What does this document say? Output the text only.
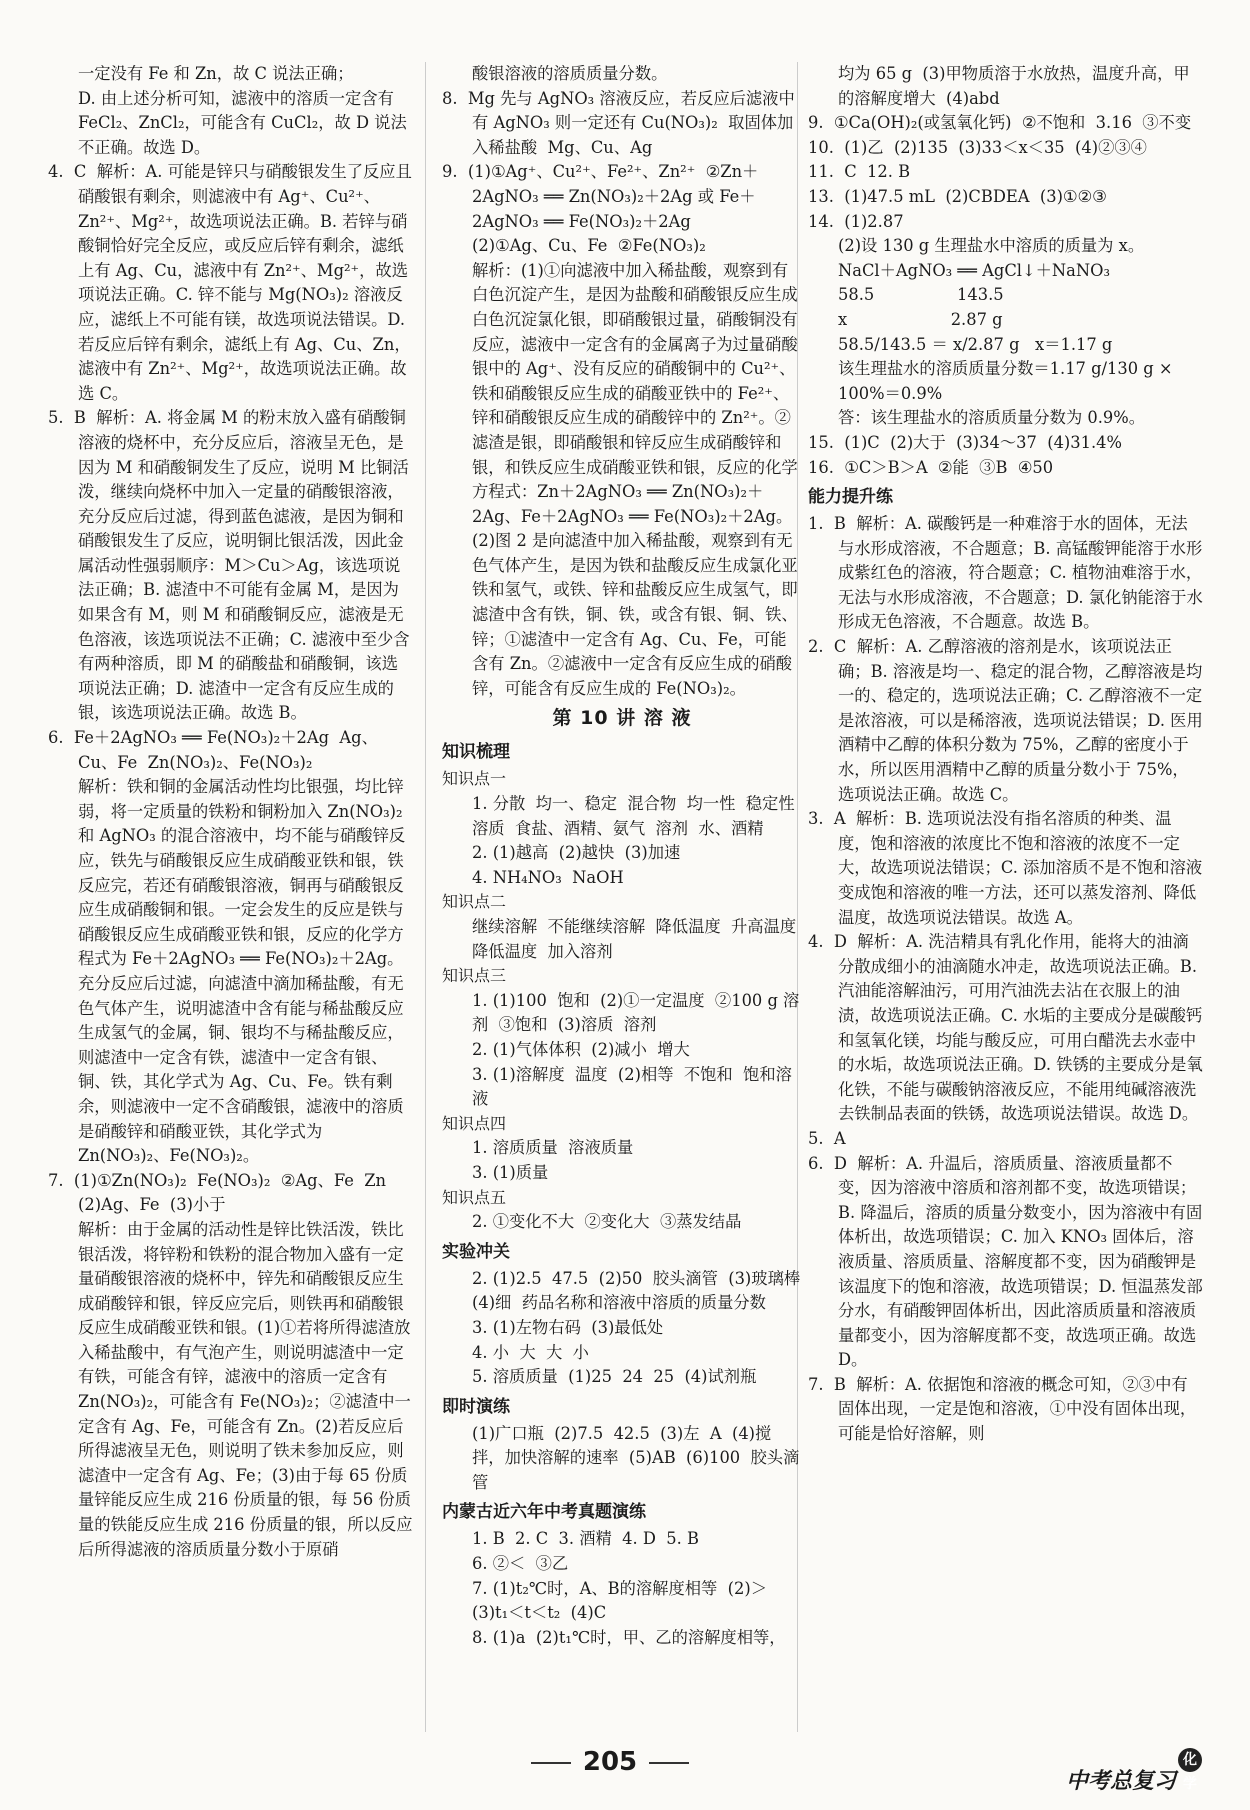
一定没有 Fe 和 Zn，故 C 说法正确；
D. 由上述分析可知，滤液中的溶质一定含有 FeCl₂、ZnCl₂，可能含有 CuCl₂，故 D 说法不正确。故选 D。
4.  C  解析：A. 可能是锌只与硝酸银发生了反应且硝酸银有剩余，则滤液中有 Ag⁺、Cu²⁺、Zn²⁺、Mg²⁺，故选项说法正确。B. 若锌与硝酸铜恰好完全反应，或反应后锌有剩余，滤纸上有 Ag、Cu，滤液中有 Zn²⁺、Mg²⁺，故选项说法正确。C. 锌不能与 Mg(NO₃)₂ 溶液反应，滤纸上不可能有镁，故选项说法错误。D. 若反应后锌有剩余，滤纸上有 Ag、Cu、Zn，滤液中有 Zn²⁺、Mg²⁺，故选项说法正确。故选 C。
5.  B  解析：A. 将金属 M 的粉末放入盛有硝酸铜溶液的烧杯中，充分反应后，溶液呈无色，是因为 M 和硝酸铜发生了反应，说明 M 比铜活泼，继续向烧杯中加入一定量的硝酸银溶液，充分反应后过滤，得到蓝色滤液，是因为铜和硝酸银发生了反应，说明铜比银活泼，因此金属活动性强弱顺序：M＞Cu＞Ag，该选项说法正确；B. 滤渣中不可能有金属 M，是因为如果含有 M，则 M 和硝酸铜反应，滤液是无色溶液，该选项说法不正确；C. 滤液中至少含有两种溶质，即 M 的硝酸盐和硝酸铜，该选项说法正确；D. 滤渣中一定含有反应生成的银，该选项说法正确。故选 B。
6.  Fe＋2AgNO₃ ══ Fe(NO₃)₂＋2Ag  Ag、Cu、Fe  Zn(NO₃)₂、Fe(NO₃)₂
解析：铁和铜的金属活动性均比银强，均比锌弱，将一定质量的铁粉和铜粉加入 Zn(NO₃)₂ 和 AgNO₃ 的混合溶液中，均不能与硝酸锌反应，铁先与硝酸银反应生成硝酸亚铁和银，铁反应完，若还有硝酸银溶液，铜再与硝酸银反应生成硝酸铜和银。一定会发生的反应是铁与硝酸银反应生成硝酸亚铁和银，反应的化学方程式为 Fe＋2AgNO₃ ══ Fe(NO₃)₂＋2Ag。充分反应后过滤，向滤渣中滴加稀盐酸，有无色气体产生，说明滤渣中含有能与稀盐酸反应生成氢气的金属，铜、银均不与稀盐酸反应，则滤渣中一定含有铁，滤渣中一定含有银、铜、铁，其化学式为 Ag、Cu、Fe。铁有剩余，则滤液中一定不含硝酸银，滤液中的溶质是硝酸锌和硝酸亚铁，其化学式为 Zn(NO₃)₂、Fe(NO₃)₂。
7.  (1)①Zn(NO₃)₂  Fe(NO₃)₂  ②Ag、Fe  Zn  (2)Ag、Fe  (3)小于
解析：由于金属的活动性是锌比铁活泼，铁比银活泼，将锌粉和铁粉的混合物加入盛有一定量硝酸银溶液的烧杯中，锌先和硝酸银反应生成硝酸锌和银，锌反应完后，则铁再和硝酸银反应生成硝酸亚铁和银。(1)①若将所得滤渣放入稀盐酸中，有气泡产生，则说明滤渣中一定有铁，可能含有锌，滤液中的溶质一定含有 Zn(NO₃)₂，可能含有 Fe(NO₃)₂；②滤渣中一定含有 Ag、Fe，可能含有 Zn。(2)若反应后所得滤液呈无色，则说明了铁未参加反应，则滤渣中一定含有 Ag、Fe；(3)由于每 65 份质量锌能反应生成 216 份质量的银，每 56 份质量的铁能反应生成 216 份质量的银，所以反应后所得滤液的溶质质量分数小于原硝
酸银溶液的溶质质量分数。
8.  Mg 先与 AgNO₃ 溶液反应，若反应后滤液中有 AgNO₃ 则一定还有 Cu(NO₃)₂  取固体加入稀盐酸  Mg、Cu、Ag
9.  (1)①Ag⁺、Cu²⁺、Fe²⁺、Zn²⁺  ②Zn＋2AgNO₃ ══ Zn(NO₃)₂＋2Ag 或 Fe＋2AgNO₃ ══ Fe(NO₃)₂＋2Ag
(2)①Ag、Cu、Fe  ②Fe(NO₃)₂
解析：(1)①向滤液中加入稀盐酸，观察到有白色沉淀产生，是因为盐酸和硝酸银反应生成白色沉淀氯化银，即硝酸银过量，硝酸铜没有反应，滤液中一定含有的金属离子为过量硝酸银中的 Ag⁺、没有反应的硝酸铜中的 Cu²⁺、铁和硝酸银反应生成的硝酸亚铁中的 Fe²⁺、锌和硝酸银反应生成的硝酸锌中的 Zn²⁺。②滤渣是银，即硝酸银和锌反应生成硝酸锌和银，和铁反应生成硝酸亚铁和银，反应的化学方程式：Zn＋2AgNO₃ ══ Zn(NO₃)₂＋2Ag、Fe＋2AgNO₃ ══ Fe(NO₃)₂＋2Ag。
(2)图 2 是向滤渣中加入稀盐酸，观察到有无色气体产生，是因为铁和盐酸反应生成氯化亚铁和氢气，或铁、锌和盐酸反应生成氢气，即滤渣中含有铁，铜、铁，或含有银、铜、铁、锌；①滤渣中一定含有 Ag、Cu、Fe，可能含有 Zn。②滤液中一定含有反应生成的硝酸锌，可能含有反应生成的 Fe(NO₃)₂。
第 10 讲 溶 液
知识梳理
知识点一
1. 分散  均一、稳定  混合物  均一性  稳定性  溶质  食盐、酒精、氨气  溶剂  水、酒精
2. (1)越高  (2)越快  (3)加速
4. NH₄NO₃  NaOH
知识点二
继续溶解  不能继续溶解  降低温度  升高温度  降低温度  加入溶剂
知识点三
1. (1)100  饱和  (2)①一定温度  ②100 g 溶剂  ③饱和  (3)溶质  溶剂
2. (1)气体体积  (2)减小  增大
3. (1)溶解度  温度  (2)相等  不饱和  饱和溶液
知识点四
1. 溶质质量  溶液质量
3. (1)质量
知识点五
2. ①变化不大  ②变化大  ③蒸发结晶
实验冲关
2. (1)2.5  47.5  (2)50  胶头滴管  (3)玻璃棒  (4)细  药品名称和溶液中溶质的质量分数
3. (1)左物右码  (3)最低处
4. 小  大  大  小
5. 溶质质量  (1)25  24  25  (4)试剂瓶
即时演练
(1)广口瓶  (2)7.5  42.5  (3)左  A  (4)搅拌，加快溶解的速率  (5)AB  (6)100  胶头滴管
内蒙古近六年中考真题演练
1. B  2. C  3. 酒精  4. D  5. B
6. ②＜  ③乙
7. (1)t₂℃时，A、B的溶解度相等  (2)＞  (3)t₁＜t＜t₂  (4)C
8. (1)a  (2)t₁℃时，甲、乙的溶解度相等，
均为 65 g  (3)甲物质溶于水放热，温度升高，甲的溶解度增大  (4)abd
9.  ①Ca(OH)₂(或氢氧化钙)  ②不饱和  3.16  ③不变
10.  (1)乙  (2)135  (3)33＜x＜35  (4)②③④
11.  C  12. B
13.  (1)47.5 mL  (2)CBDEA  (3)①②③
14.  (1)2.87
(2)设 130 g 生理盐水中溶质的质量为 x。
NaCl＋AgNO₃ ══ AgCl↓＋NaNO₃
58.5                143.5
x                    2.87 g
58.5/143.5 ＝ x/2.87 g   x＝1.17 g
该生理盐水的溶质质量分数＝1.17 g/130 g × 100%＝0.9%
答：该生理盐水的溶质质量分数为 0.9%。
15.  (1)C  (2)大于  (3)34～37  (4)31.4%
16.  ①C＞B＞A  ②能  ③B  ④50
能力提升练
1.  B  解析：A. 碳酸钙是一种难溶于水的固体，无法与水形成溶液，不合题意；B. 高锰酸钾能溶于水形成紫红色的溶液，符合题意；C. 植物油难溶于水，无法与水形成溶液，不合题意；D. 氯化钠能溶于水形成无色溶液，不合题意。故选 B。
2.  C  解析：A. 乙醇溶液的溶剂是水，该项说法正确；B. 溶液是均一、稳定的混合物，乙醇溶液是均一的、稳定的，选项说法正确；C. 乙醇溶液不一定是浓溶液，可以是稀溶液，选项说法错误；D. 医用酒精中乙醇的体积分数为 75%，乙醇的密度小于水，所以医用酒精中乙醇的质量分数小于 75%，选项说法正确。故选 C。
3.  A  解析：B. 选项说法没有指名溶质的种类、温度，饱和溶液的浓度比不饱和溶液的浓度不一定大，故选项说法错误；C. 添加溶质不是不饱和溶液变成饱和溶液的唯一方法，还可以蒸发溶剂、降低温度，故选项说法错误。故选 A。
4.  D  解析：A. 洗洁精具有乳化作用，能将大的油滴分散成细小的油滴随水冲走，故选项说法正确。B. 汽油能溶解油污，可用汽油洗去沾在衣服上的油渍，故选项说法正确。C. 水垢的主要成分是碳酸钙和氢氧化镁，均能与酸反应，可用白醋洗去水壶中的水垢，故选项说法正确。D. 铁锈的主要成分是氧化铁，不能与碳酸钠溶液反应，不能用纯碱溶液洗去铁制品表面的铁锈，故选项说法错误。故选 D。
5.  A
6.  D  解析：A. 升温后，溶质质量、溶液质量都不变，因为溶液中溶质和溶剂都不变，故选项错误；B. 降温后，溶质的质量分数变小，因为溶液中有固体析出，故选项错误；C. 加入 KNO₃ 固体后，溶液质量、溶质质量、溶解度都不变，因为硝酸钾是该温度下的饱和溶液，故选项错误；D. 恒温蒸发部分水，有硝酸钾固体析出，因此溶质质量和溶液质量都变小，因为溶解度都不变，故选项正确。故选 D。
7.  B  解析：A. 依据饱和溶液的概念可知，②③中有固体出现，一定是饱和溶液，①中没有固体出现，可能是恰好溶解，则
205
中考总复习化学
